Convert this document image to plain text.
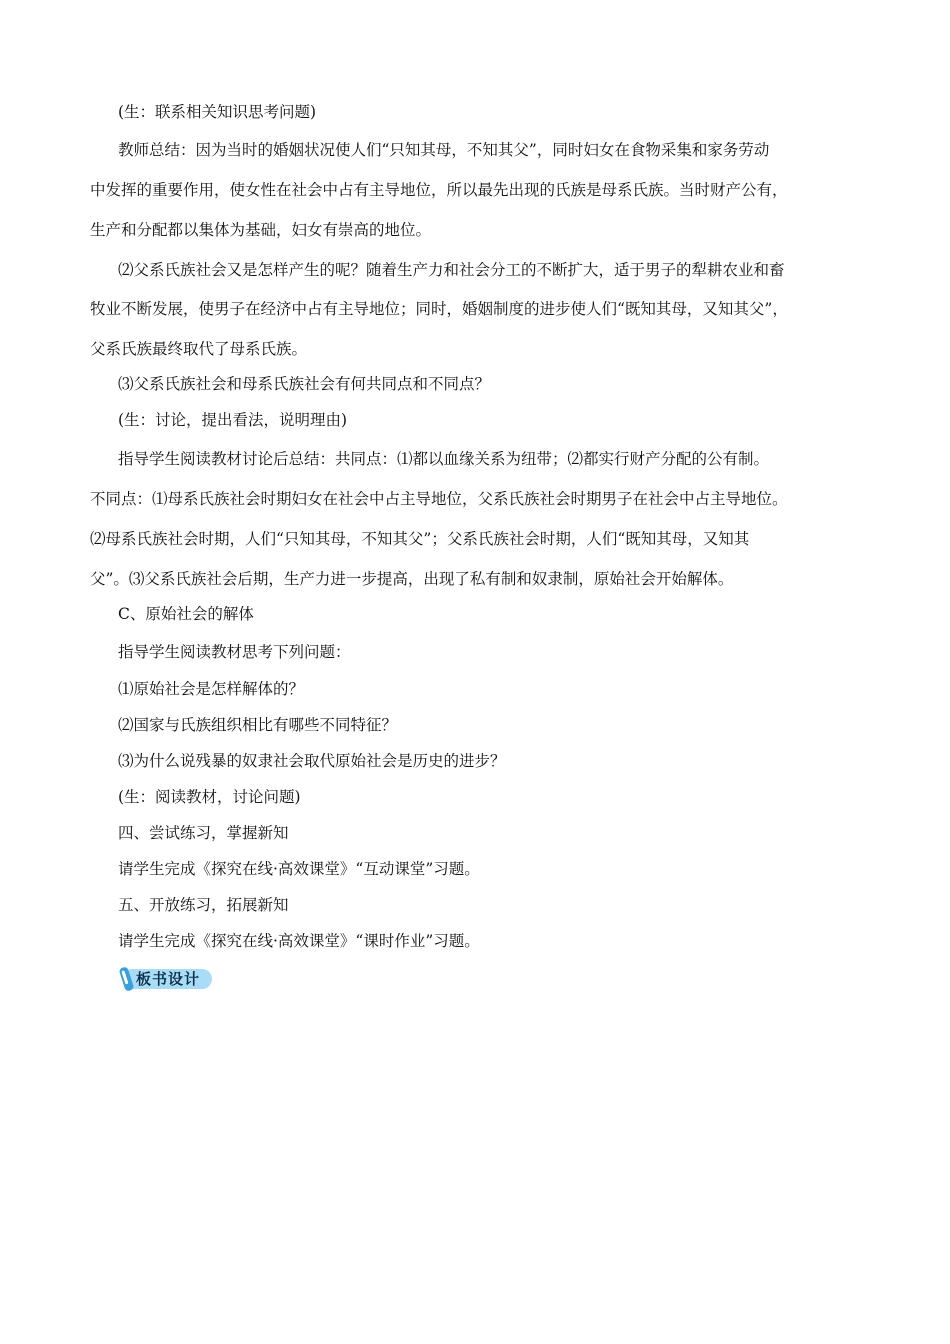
(生：联系相关知识思考问题)
教师总结：因为当时的婚姻状况使人们“只知其母，不知其父”，同时妇女在食物采集和家务劳动
中发挥的重要作用，使女性在社会中占有主导地位，所以最先出现的氏族是母系氏族。当时财产公有，
生产和分配都以集体为基础，妇女有崇高的地位。
⑵父系氏族社会又是怎样产生的呢？随着生产力和社会分工的不断扩大，适于男子的犁耕农业和畜
牧业不断发展，使男子在经济中占有主导地位；同时，婚姻制度的进步使人们“既知其母，又知其父”，
父系氏族最终取代了母系氏族。
⑶父系氏族社会和母系氏族社会有何共同点和不同点？
(生：讨论，提出看法，说明理由)
指导学生阅读教材讨论后总结：共同点：⑴都以血缘关系为纽带；⑵都实行财产分配的公有制。
不同点：⑴母系氏族社会时期妇女在社会中占主导地位，父系氏族社会时期男子在社会中占主导地位。
⑵母系氏族社会时期，人们“只知其母，不知其父”；父系氏族社会时期，人们“既知其母，又知其
父”。⑶父系氏族社会后期，生产力进一步提高，出现了私有制和奴隶制，原始社会开始解体。
C、原始社会的解体
指导学生阅读教材思考下列问题：
⑴原始社会是怎样解体的？
⑵国家与氏族组织相比有哪些不同特征？
⑶为什么说残暴的奴隶社会取代原始社会是历史的进步？
(生：阅读教材，讨论问题)
四、尝试练习，掌握新知
请学生完成《探究在线·高效课堂》“互动课堂”习题。
五、开放练习，拓展新知
请学生完成《探究在线·高效课堂》“课时作业”习题。
板书设计
